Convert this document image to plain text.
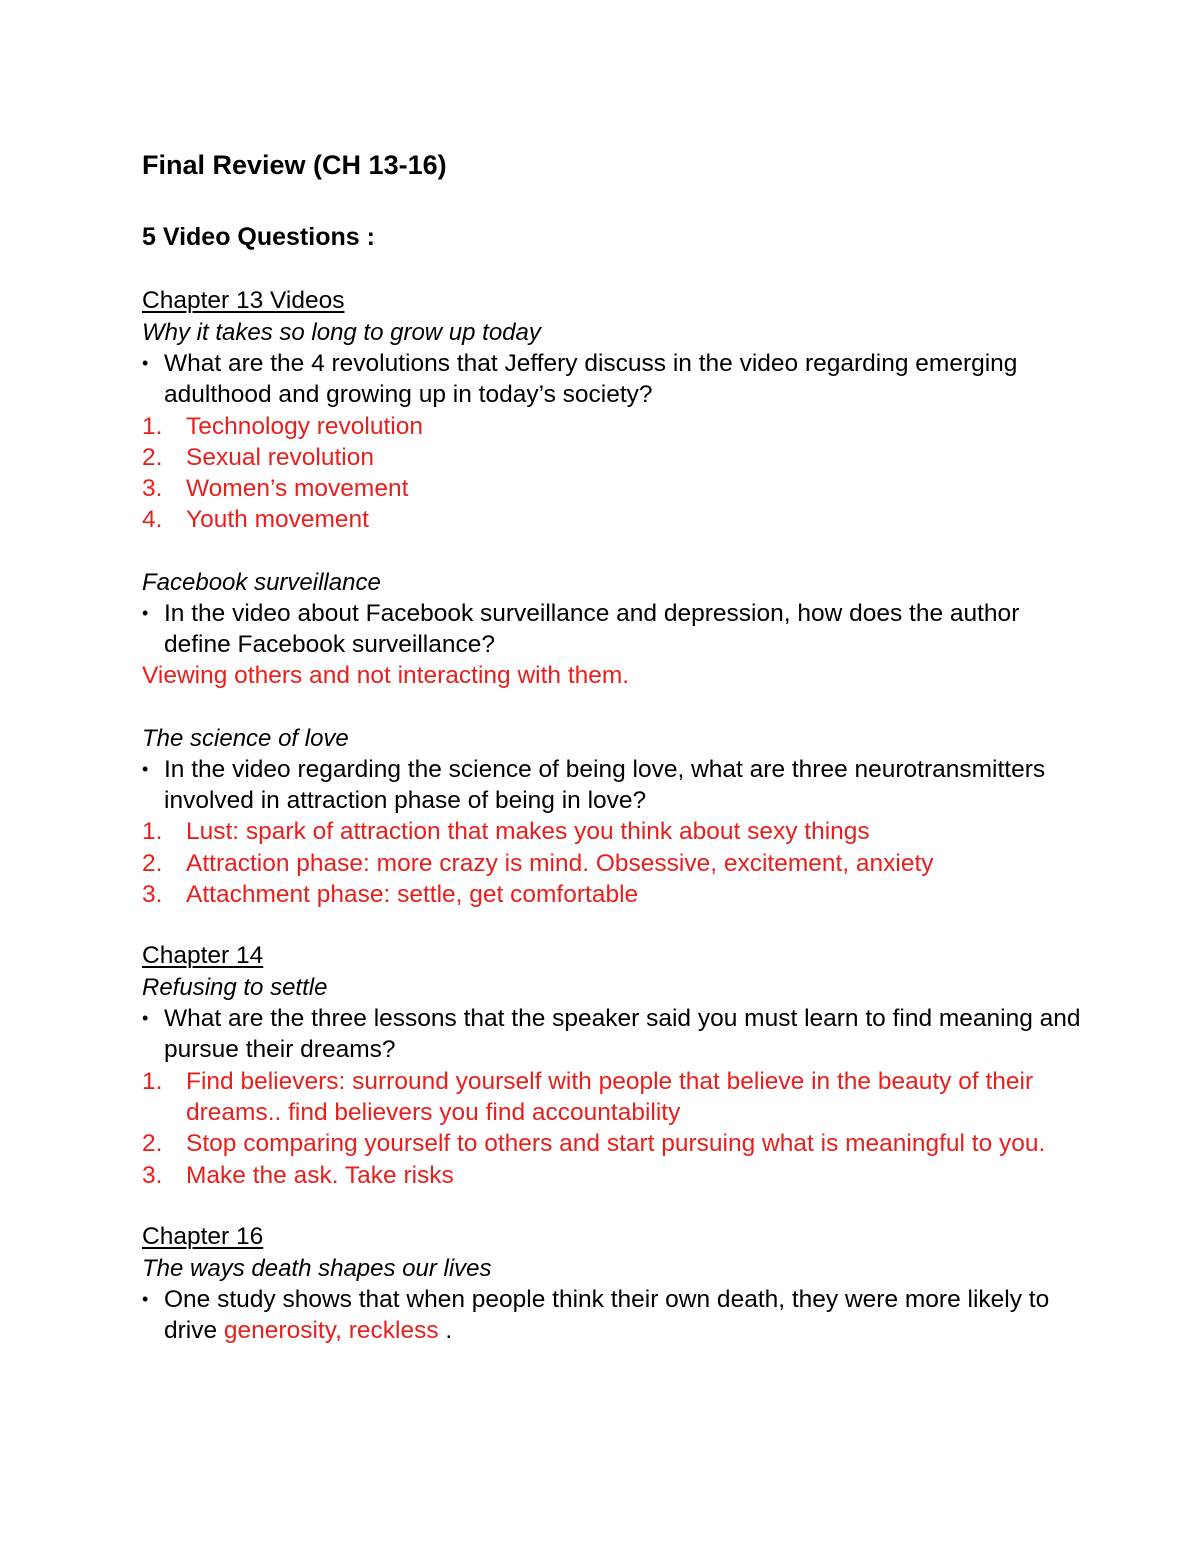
Final Review (CH 13-16)
5 Video Questions :
Chapter 13 Videos
Why it takes so long to grow up today
• What are the 4 revolutions that Jeffery discuss in the video regarding emerging adulthood and growing up in today’s society?
1. Technology revolution
2. Sexual revolution
3. Women’s movement
4. Youth movement
Facebook surveillance
• In the video about Facebook surveillance and depression, how does the author define Facebook surveillance?
Viewing others and not interacting with them.
The science of love
• In the video regarding the science of being love, what are three neurotransmitters involved in attraction phase of being in love?
1. Lust: spark of attraction that makes you think about sexy things
2. Attraction phase: more crazy is mind. Obsessive, excitement, anxiety
3. Attachment phase: settle, get comfortable
Chapter 14
Refusing to settle
• What are the three lessons that the speaker said you must learn to find meaning and pursue their dreams?
1. Find believers: surround yourself with people that believe in the beauty of their dreams.. find believers you find accountability
2. Stop comparing yourself to others and start pursuing what is meaningful to you.
3. Make the ask. Take risks
Chapter 16
The ways death shapes our lives
• One study shows that when people think their own death, they were more likely to drive generosity, reckless .
